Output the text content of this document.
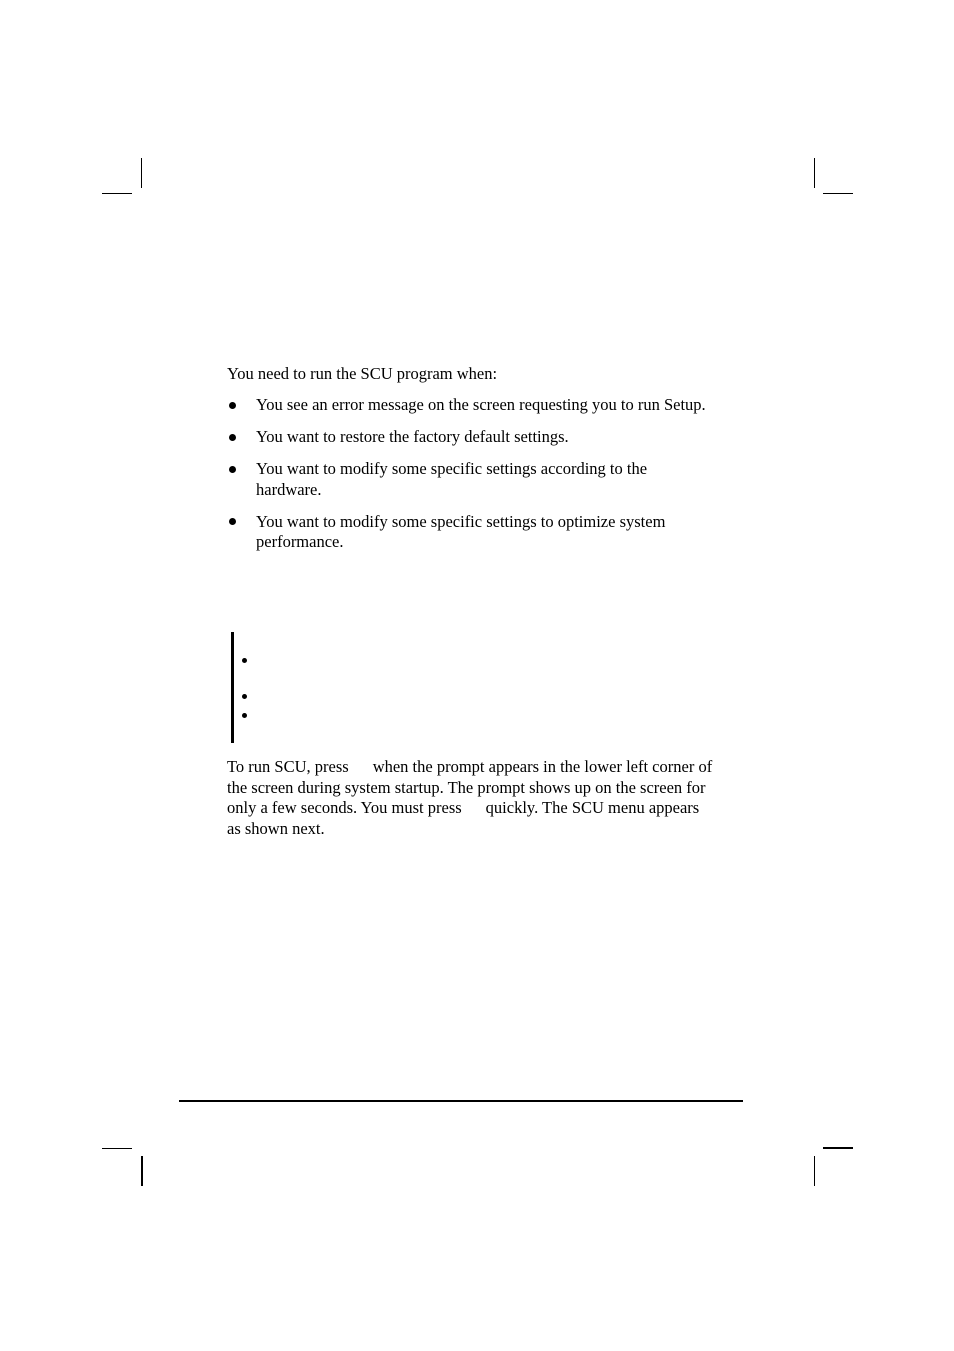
You need to run the SCU program when:
You see an error message on the screen requesting you to run Setup.
You want to restore the factory default settings.
You want to modify some specific settings according to the
hardware.
You want to modify some specific settings to optimize system
performance.
To run SCU, press when the prompt appears in the lower left corner of
the screen during system startup. The prompt shows up on the screen for
only a few seconds. You must press quickly. The SCU menu appears
as shown next.
